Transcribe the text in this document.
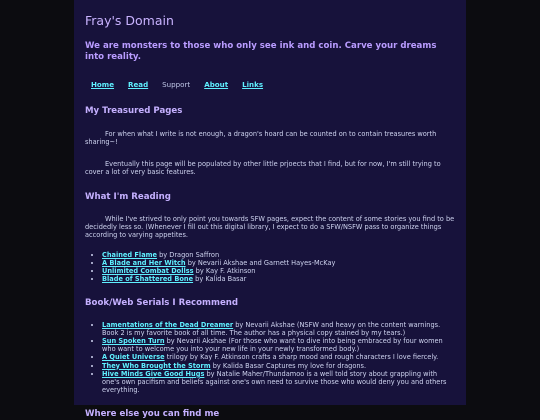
Fray's Domain
We are monsters to those who only see ink and coin. Carve your dreams into reality.
Home Read Support About Links
My Treasured Pages

For when what I write is not enough, a dragon's hoard can be counted on to contain treasures worth sharing~!

Eventually this page will be populated by other little prjoects that I find, but for now, I'm still trying to cover a lot of very basic features.

What I'm Reading

While I've strived to only point you towards SFW pages, expect the content of some stories you find to be decidedly less so. (Whenever I fill out this digital library, I expect to do a SFW/NSFW pass to organize things according to varying appetites.

• Chained Flame by Dragon Saffron
• A Blade and Her Witch by Nevarii Akshae and Garnett Hayes-McKay
• Unlimited Combat Dollss by Kay F. Atkinson
• Blade of Shattered Bone by Kalida Basar
Book/Web Serials I Recommend
• Lamentations of the Dead Dreamer by Nevarii Akshae (NSFW and heavy on the content warnings. Book 2 is my favorite book of all time. The author has a physical copy stained by my tears.)
• Sun Spoken Turn by Nevarii Akshae (For those who want to dive into being embraced by four women who want to welcome you into your new life in your newly transformed body.)
• A Quiet Universe trilogy by Kay F. Atkinson crafts a sharp mood and rough characters I love fiercely.
• They Who Brought the Storm by Kalida Basar Captures my love for dragons.
• Hive Minds Give Good Hugs by Natalie Maher/Thundamoo is a well told story about grappling with one's own pacifism and beliefs against one's own need to survive those who would deny you and others everything.
Where else you can find me
